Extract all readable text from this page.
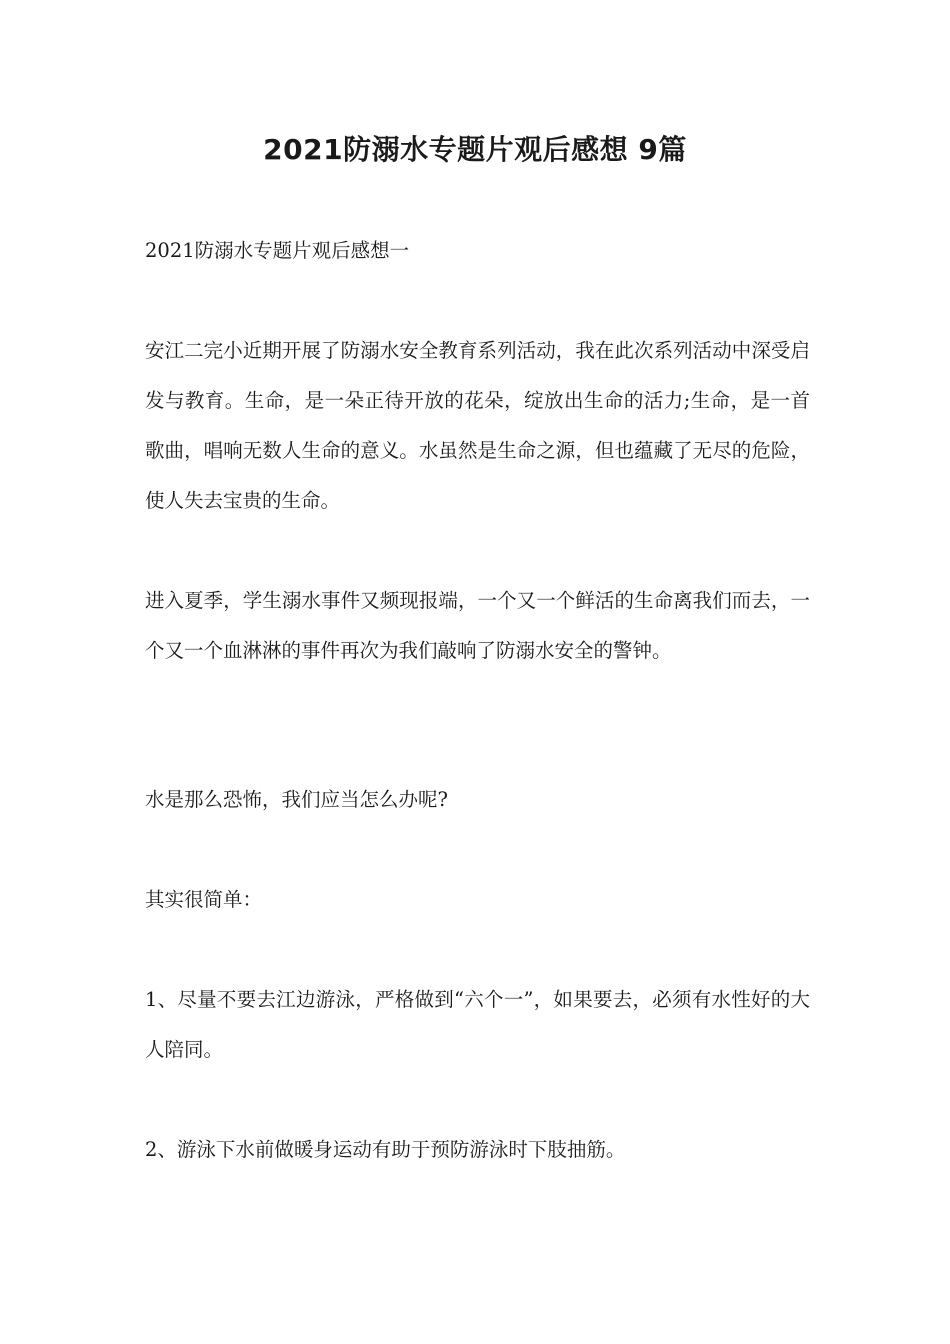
2021防溺水专题片观后感想 9篇

2021防溺水专题片观后感想一

安江二完小近期开展了防溺水安全教育系列活动，我在此次系列活动中深受启发与教育。生命，是一朵正待开放的花朵，绽放出生命的活力;生命，是一首歌曲，唱响无数人生命的意义。水虽然是生命之源，但也蕴藏了无尽的危险，使人失去宝贵的生命。

进入夏季，学生溺水事件又频现报端，一个又一个鲜活的生命离我们而去，一个又一个血淋淋的事件再次为我们敲响了防溺水安全的警钟。

水是那么恐怖，我们应当怎么办呢?

其实很简单：

1、尽量不要去江边游泳，严格做到“六个一”，如果要去，必须有水性好的大人陪同。

2、游泳下水前做暖身运动有助于预防游泳时下肢抽筋。
